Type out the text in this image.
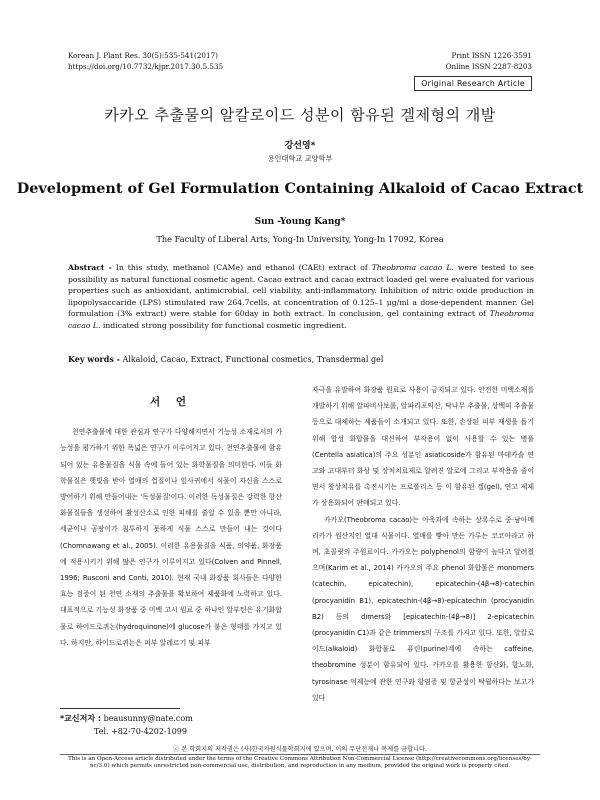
Korean J. Plant Res. 30(5):535-541(2017)
https://doi.org/10.7732/kjpr.2017.30.5.535
Print ISSN 1226-3591
Online ISSN 2287-8203
Original Research Article
카카오 추출물의 알칼로이드 성분이 함유된 겔제형의 개발
강선영*
용인대학교 교양학부
Development of Gel Formulation Containing Alkaloid of Cacao Extract
Sun -Young Kang*
The Faculty of Liberal Arts, Yong-In University, Yong-In 17092, Korea
Abstract - In this study, methanol (CAMe) and ethanol (CAEt) extract of Theobroma cacao L. were tested to see possibility as natural functional cosmetic agent. Cacao extract and cacao extract loaded gel were evaluated for various properties such as antioxidant, antimicrobial, cell viability, anti-inflammatory. Inhibition of nitric oxide production in lipopolysaccaride (LPS) stimulated raw 264.7cells, at concentration of 0.125–1 μg/ml a dose-dependent manner. Gel formulation (3% extract) were stable for 60day in both extract. In conclusion, gel containing extract of Theobroma cacao L. indicated strong possibility for functional cosmetic ingredient.
Key words - Alkaloid, Cacao, Extract, Functional cosmetics, Transdermal gel
서 언

천연추출물에 대한 관심과 연구가 다양해지면서 기능성 소재로서의 가능성을 평가하기 위한 폭넓은 연구가 이루어지고 있다. 천연추출물에 함유되어 있는 유용물질을 식물 속에 들어 있는 화학물질을 의미한다. 이들 화학물질은 햇빛을 받아 열매의 껍질이나 잎사귀에서 식물이 자신을 스스로 방어하기 위해 만들어내는 '독성물질'이다. 이러한 독성물질은 강력한 항산화물질들을 생성하여 활성산소로 인한 피해를 줄일 수 있을 뿐만 아니라, 세균이나 곰팡이가 침투하지 못하게 식물 스스로 만들어 내는 것이다(Chomnawang et al., 2005). 이러한 유용물질을 식품, 의약품, 화장품에 적용시키기 위해 많은 연구가 이루어지고 있다(Colven and Pinnell, 1996; Rusconi and Conti, 2010). 현재 국내 화장품 회사들은 다양한 효능 검증이 된 천연 소재의 추출물을 확보하여 제품화에 노력하고 있다. 대표적으로 기능성 화장품 중 미백 고시 원료 중 하나인 알부틴은 유기화합물로 하이드로퀴논(hydroquinone)에 glucose가 붙은 형태를 가지고 있다. 하지만, 하이드로퀴논은 피부 알레르기 및 피부

자극을 유발하여 화장품 원료로 사용이 금지되고 있다. 안전한 미백소재를 개발하기 위해 알파비사보롤, 알파리포익산, 닥나무 추출물, 상백피 추출물 등으로 대체하는 제품들이 소개되고 있다. 또한, 손상된 피부 재생을 돕기 위해 합성 화합물을 대신하여 부작용이 없이 사용할 수 있는 병풀(Centella asiatica)의 주요 성분인 asiaticoside가 함유된 마데카솔 연고와 고대부터 화상 및 상처치료제로 알려진 알로에 그리고 부작용을 줄이면서 창상치유를 촉진시키는 프로폴리스 등 이 함유된 겔(gel), 연고 제제가 상용화되어 판매되고 있다.

카카오(Theobroma cacao)는 아욱과에 속하는 상록수로 중·남아메리카가 원산지인 열대 식물이다. 열매를 빻아 만든 가루는 코코아라고 하며, 초콜릿의 주원료이다. 카카오는 polyphenol의 함량이 높다고 알려졌으며(Karim et al., 2014) 카카오의 주요 phenol 화합물은 monomers (catechin, epicatechin), epicatechin-(4β→8)-catechin (procyanidin B1), epicatechin-(4β→8)-epicatechin (procyanidin B2) 등의 dimers와 [epicatechin-(4β→8)] 2-epicatechin (procyanidin C1)과 같은 trimmers의 구조를 가지고 있다. 또한, 알칼로이드(alkaloid) 화합물로 퓨린(purine)계에 속하는 caffeine, theobromine 성분이 함유되어 있다. 카카오를 활용한 항산화, 항노화, tyrosinase 억제능에 관한 연구와 항염증 및 항균성이 탁월하다는 보고가 있다

*교신저자 : beausunny@nate.com
Tel. +82-70-4202-1099
ⓒ 본 학회지의 저작권은 (사)한국자원식물학회지에 있으며, 이의 무단전재나 복제를 금합니다.
This is an Open-Access article distributed under the terms of the Creative Commons Attribution Non-Commercial License (http://creativecommons.org/licenses/by-nc/3.0) which permits unrestricted non-commercial use, distribution, and reproduction in any medium, provided the original work is properly cited.
